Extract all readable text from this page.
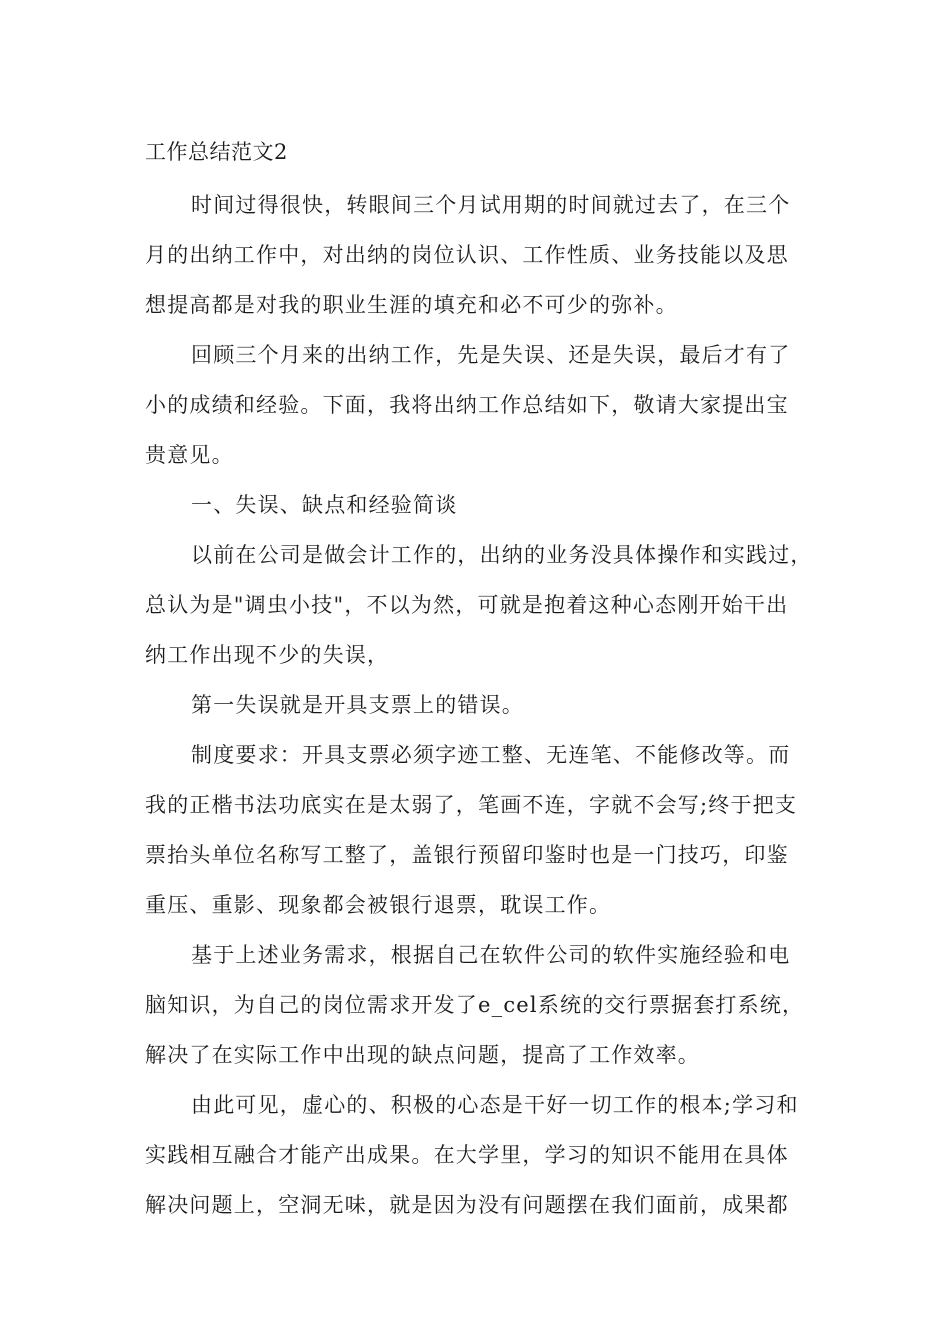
工作总结范文2
时间过得很快，转眼间三个月试用期的时间就过去了，在三个
月的出纳工作中，对出纳的岗位认识、工作性质、业务技能以及思
想提高都是对我的职业生涯的填充和必不可少的弥补。
回顾三个月来的出纳工作，先是失误、还是失误，最后才有了
小的成绩和经验。下面，我将出纳工作总结如下，敬请大家提出宝
贵意见。
一、失误、缺点和经验简谈
以前在公司是做会计工作的，出纳的业务没具体操作和实践过，
总认为是"调虫小技"，不以为然，可就是抱着这种心态刚开始干出
纳工作出现不少的失误，
第一失误就是开具支票上的错误。
制度要求：开具支票必须字迹工整、无连笔、不能修改等。而
我的正楷书法功底实在是太弱了，笔画不连，字就不会写;终于把支
票抬头单位名称写工整了，盖银行预留印鉴时也是一门技巧，印鉴
重压、重影、现象都会被银行退票，耽误工作。
基于上述业务需求，根据自己在软件公司的软件实施经验和电
脑知识，为自己的岗位需求开发了e_cel系统的交行票据套打系统，
解决了在实际工作中出现的缺点问题，提高了工作效率。
由此可见，虚心的、积极的心态是干好一切工作的根本;学习和
实践相互融合才能产出成果。在大学里，学习的知识不能用在具体
解决问题上，空洞无味，就是因为没有问题摆在我们面前，成果都
